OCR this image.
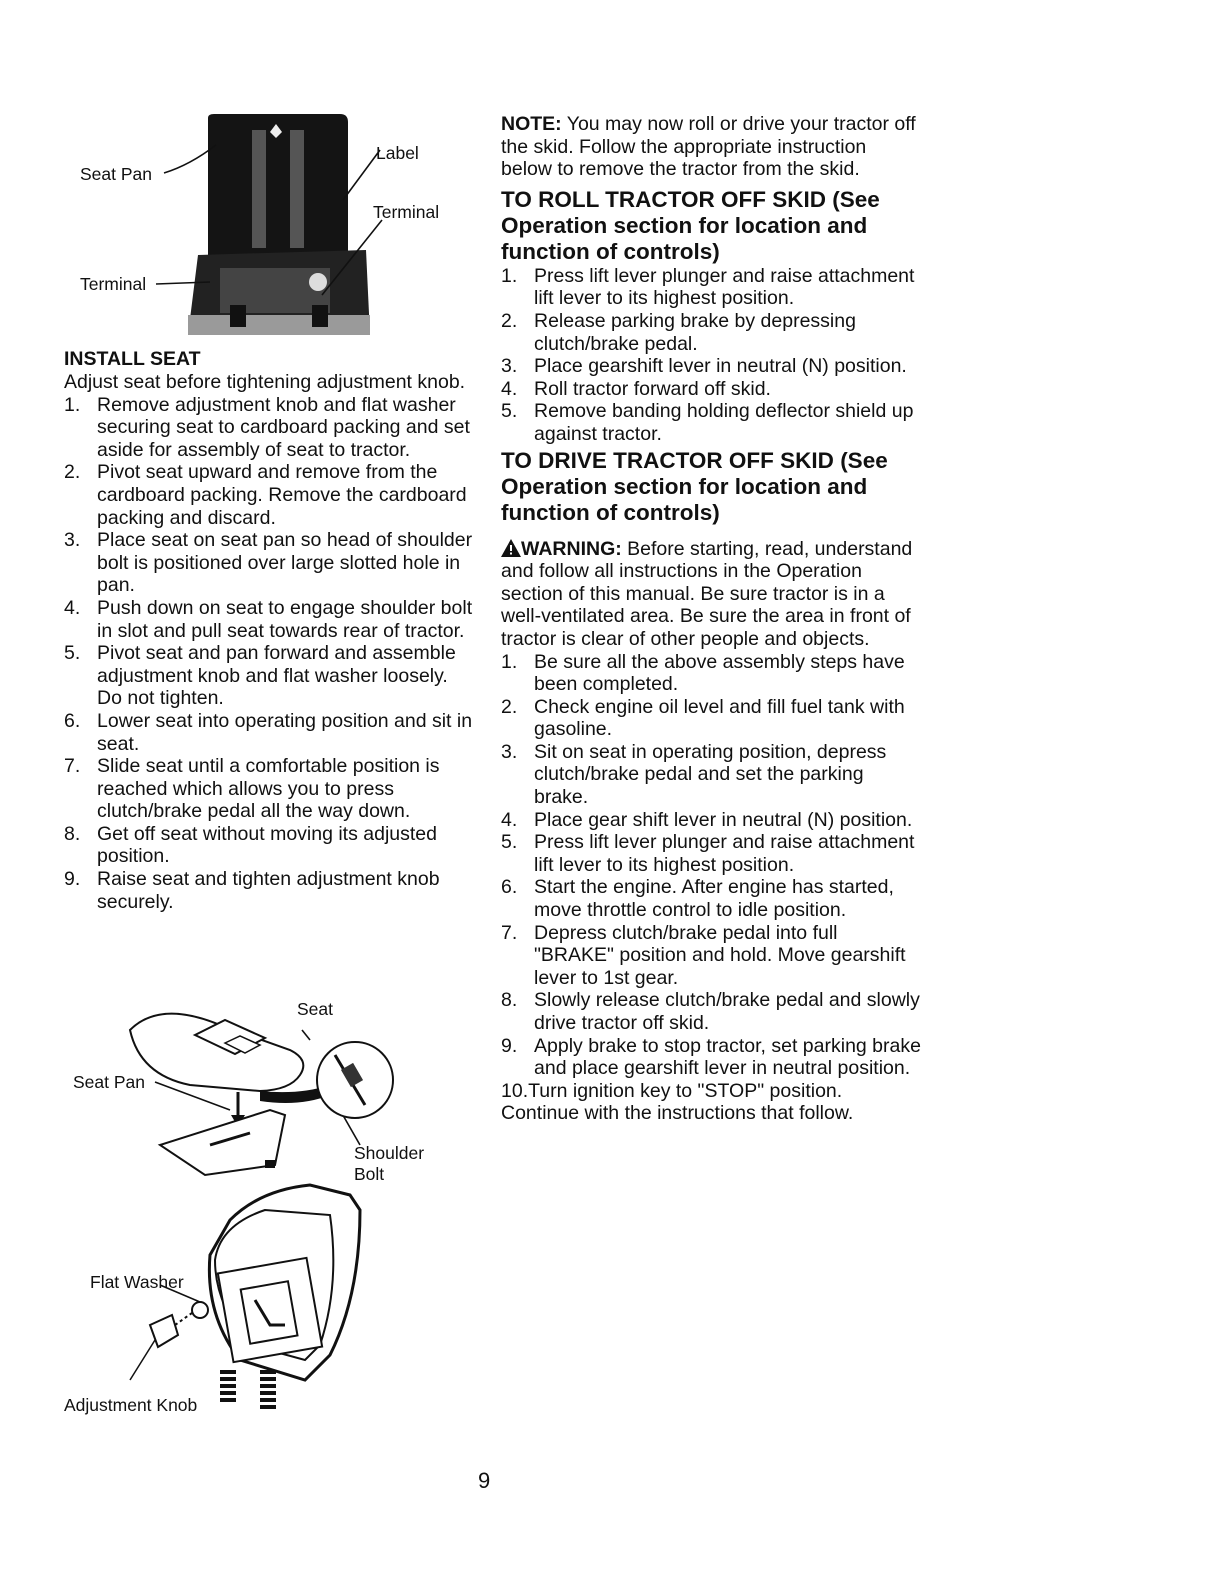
Seat Pan
Label
Terminal
Terminal
INSTALL SEAT
Adjust seat before tightening adjustment knob.
1. Remove adjustment knob and flat washer securing seat to cardboard packing and set aside for assembly of seat to tractor.
2. Pivot seat upward and remove from the cardboard packing. Remove the cardboard packing and discard.
3. Place seat on seat pan so head of shoulder bolt is positioned over large slotted hole in pan.
4. Push down on seat to engage shoulder bolt in slot and pull seat towards rear of tractor.
5. Pivot seat and pan forward and assemble adjustment knob and flat washer loosely. Do not tighten.
6. Lower seat into operating position and sit in seat.
7. Slide seat until a comfortable position is reached which allows you to press clutch/brake pedal all the way down.
8. Get off seat without moving its adjusted position.
9. Raise seat and tighten adjustment knob securely.
Seat
Seat Pan
Shoulder
Bolt
Flat Washer
Adjustment Knob
NOTE: You may now roll or drive your tractor off the skid. Follow the appropriate instruction below to remove the tractor from the skid.
TO ROLL TRACTOR OFF SKID (See Operation section for location and function of controls)
1. Press lift lever plunger and raise attachment lift lever to its highest position.
2. Release parking brake by depressing clutch/brake pedal.
3. Place gearshift lever in neutral (N) position.
4. Roll tractor forward off skid.
5. Remove banding holding deflector shield up against tractor.
TO DRIVE TRACTOR OFF SKID (See Operation section for location and function of controls)
WARNING: Before starting, read, understand and follow all instructions in the Operation section of this manual. Be sure tractor is in a well-ventilated area. Be sure the area in front of tractor is clear of other people and objects.
1. Be sure all the above assembly steps have been completed.
2. Check engine oil level and fill fuel tank with gasoline.
3. Sit on seat in operating position, depress clutch/brake pedal and set the parking brake.
4. Place gear shift lever in neutral (N) position.
5. Press lift lever plunger and raise attachment lift lever to its highest position.
6. Start the engine. After engine has started, move throttle control to idle position.
7. Depress clutch/brake pedal into full "BRAKE" position and hold. Move gearshift lever to 1st gear.
8. Slowly release clutch/brake pedal and slowly drive tractor off skid.
9. Apply brake to stop tractor, set parking brake and place gearshift lever in neutral position.
10.Turn ignition key to "STOP" position.
Continue with the instructions that follow.
9
